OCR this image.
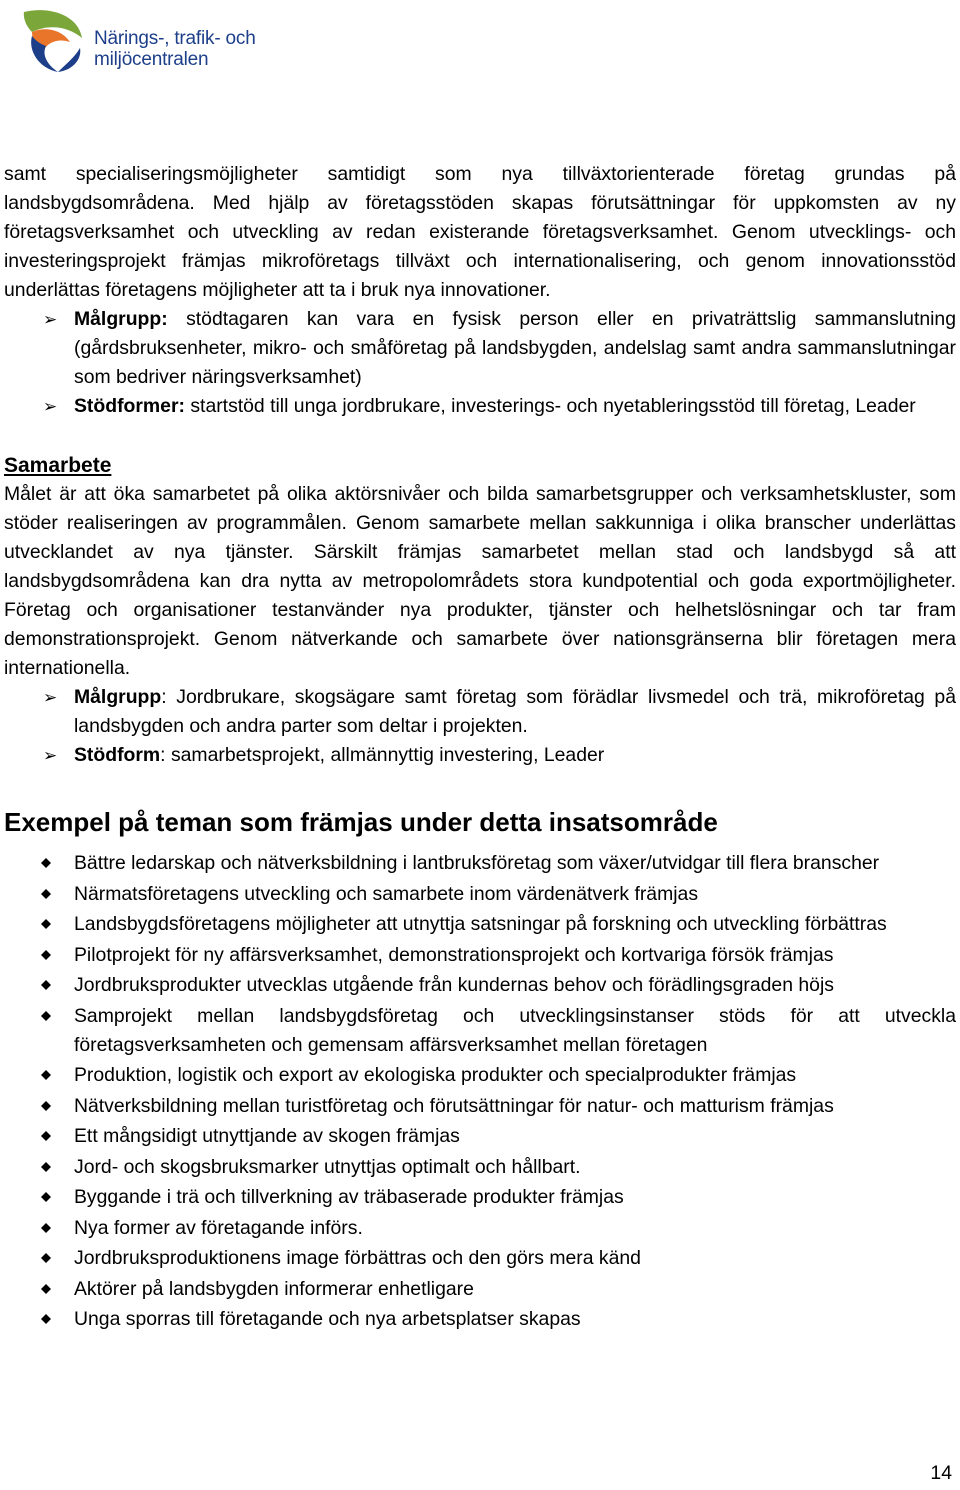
Närings-, trafik- och
miljöcentralen

samt specialiseringsmöjligheter samtidigt som nya tillväxtorienterade företag grundas på landsbygdsområdena. Med hjälp av företagsstöden skapas förutsättningar för uppkomsten av ny företagsverksamhet och utveckling av redan existerande företagsverksamhet. Genom utvecklings- och investeringsprojekt främjas mikroföretags tillväxt och internationalisering, och genom innovationsstöd underlättas företagens möjligheter att ta i bruk nya innovationer.

➢ Målgrupp: stödtagaren kan vara en fysisk person eller en privaträttslig sammanslutning (gårdsbruksenheter, mikro- och småföretag på landsbygden, andelslag samt andra sammanslutningar som bedriver näringsverksamhet)
➢ Stödformer: startstöd till unga jordbrukare, investerings- och nyetableringsstöd till företag, Leader
Samarbete

Målet är att öka samarbetet på olika aktörsnivåer och bilda samarbetsgrupper och verksamhetskluster, som stöder realiseringen av programmålen. Genom samarbete mellan sakkunniga i olika branscher underlättas utvecklandet av nya tjänster. Särskilt främjas samarbetet mellan stad och landsbygd så att landsbygdsområdena kan dra nytta av metropolområdets stora kundpotential och goda exportmöjligheter. Företag och organisationer testanvänder nya produkter, tjänster och helhetslösningar och tar fram demonstrationsprojekt. Genom nätverkande och samarbete över nationsgränserna blir företagen mera internationella.

➢ Målgrupp: Jordbrukare, skogsägare samt företag som förädlar livsmedel och trä, mikroföretag på landsbygden och andra parter som deltar i projekten.
➢ Stödform: samarbetsprojekt, allmännyttig investering, Leader
Exempel på teman som främjas under detta insatsområde
Bättre ledarskap och nätverksbildning i lantbruksföretag som växer/utvidgar till flera branscher
Närmatsföretagens utveckling och samarbete inom värdenätverk främjas
Landsbygdsföretagens möjligheter att utnyttja satsningar på forskning och utveckling förbättras
Pilotprojekt för ny affärsverksamhet, demonstrationsprojekt och kortvariga försök främjas
Jordbruksprodukter utvecklas utgående från kundernas behov och förädlingsgraden höjs
Samprojekt mellan landsbygdsföretag och utvecklingsinstanser stöds för att utveckla företagsverksamheten och gemensam affärsverksamhet mellan företagen
Produktion, logistik och export av ekologiska produkter och specialprodukter främjas
Nätverksbildning mellan turistföretag och förutsättningar för natur- och matturism främjas
Ett mångsidigt utnyttjande av skogen främjas
Jord- och skogsbruksmarker utnyttjas optimalt och hållbart.
Byggande i trä och tillverkning av träbaserade produkter främjas
Nya former av företagande införs.
Jordbruksproduktionens image förbättras och den görs mera känd
Aktörer på landsbygden informerar enhetligare
Unga sporras till företagande och nya arbetsplatser skapas
14
